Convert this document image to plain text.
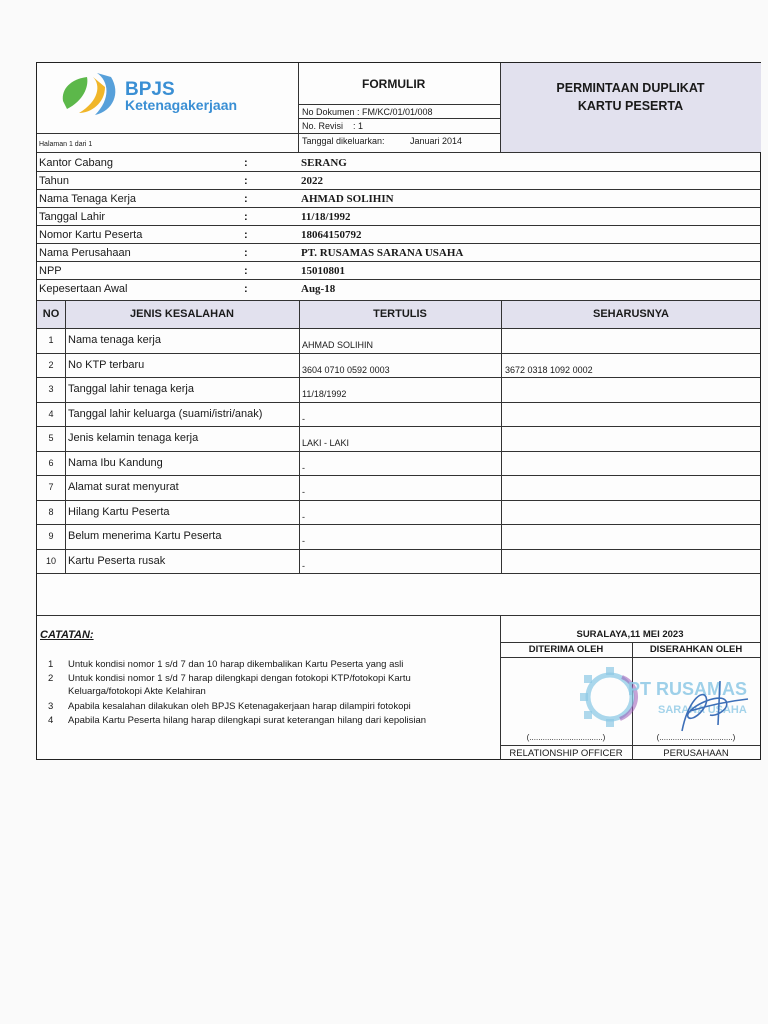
BPJS
Ketenagakerjaan
FORMULIR
No Dokumen : FM/KC/01/01/008
No. Revisi    : 1
Tanggal dikeluarkan:	Januari 2014
Halaman 1 dari 1
PERMINTAAN DUPLIKAT
KARTU PESERTA
Kantor Cabang	:	SERANG
Tahun	:	2022
Nama Tenaga Kerja	:	AHMAD SOLIHIN
Tanggal Lahir	:	11/18/1992
Nomor Kartu Peserta	:	18064150792
Nama Perusahaan	:	PT. RUSAMAS SARANA USAHA
NPP	:	15010801
Kepesertaan Awal	:	Aug-18
NO	JENIS KESALAHAN	TERTULIS	SEHARUSNYA
1	Nama tenaga kerja	AHMAD SOLIHIN
2	No KTP terbaru	3604 0710 0592 0003	3672 0318 1092 0002
3	Tanggal lahir tenaga kerja	11/18/1992
4	Tanggal lahir keluarga (suami/istri/anak)	-
5	Jenis kelamin tenaga kerja	LAKI - LAKI
6	Nama Ibu Kandung	-
7	Alamat surat menyurat	-
8	Hilang Kartu Peserta	-
9	Belum menerima Kartu Peserta	-
10	Kartu Peserta rusak	-
CATATAN:
1 Untuk kondisi nomor 1 s/d 7 dan 10 harap dikembalikan Kartu Peserta yang asli
2 Untuk kondisi nomor 1 s/d 7 harap dilengkapi dengan fotokopi KTP/fotokopi Kartu
Keluarga/fotokopi Akte Kelahiran
3 Apabila kesalahan dilakukan oleh BPJS Ketenagakerjaan harap dilampiri fotokopi
4 Apabila Kartu Peserta hilang harap dilengkapi surat keterangan hilang dari kepolisian
SURALAYA,11 MEI 2023
DITERIMA OLEH	DISERAHKAN OLEH
PT RUSAMAS
SARANA USAHA
(.................................)	(.................................)
RELATIONSHIP OFFICER	PERUSAHAAN
